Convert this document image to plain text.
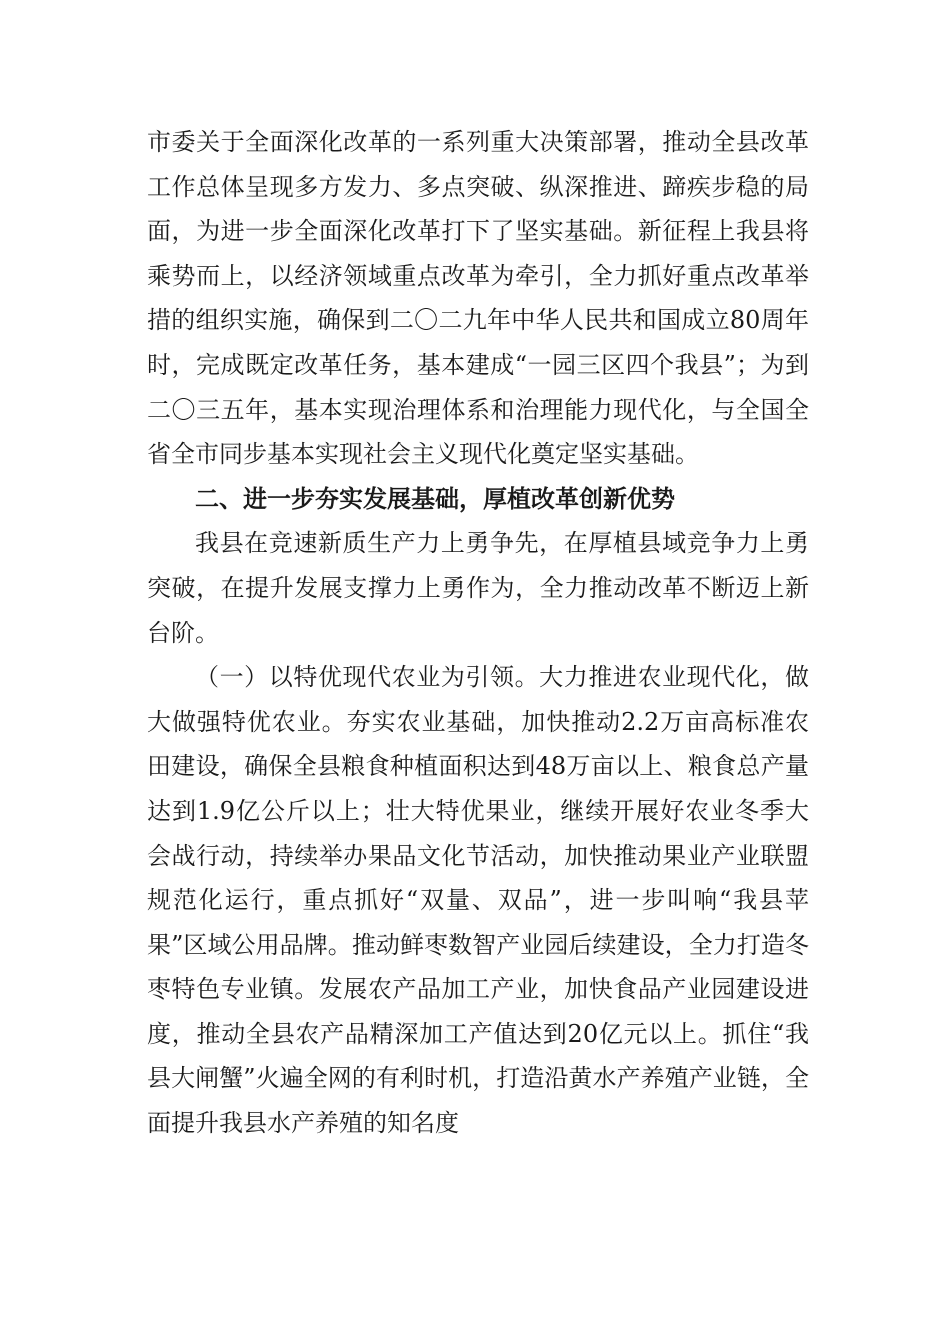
市委关于全面深化改革的一系列重大决策部署，推动全县改革工作总体呈现多方发力、多点突破、纵深推进、蹄疾步稳的局面，为进一步全面深化改革打下了坚实基础。新征程上我县将乘势而上，以经济领域重点改革为牵引，全力抓好重点改革举措的组织实施，确保到二〇二九年中华人民共和国成立80周年时，完成既定改革任务，基本建成“一园三区四个我县”；为到二〇三五年，基本实现治理体系和治理能力现代化，与全国全省全市同步基本实现社会主义现代化奠定坚实基础。

二、进一步夯实发展基础，厚植改革创新优势

我县在竞速新质生产力上勇争先，在厚植县域竞争力上勇突破，在提升发展支撑力上勇作为，全力推动改革不断迈上新台阶。

（一）以特优现代农业为引领。大力推进农业现代化，做大做强特优农业。夯实农业基础，加快推动2.2万亩高标准农田建设，确保全县粮食种植面积达到48万亩以上、粮食总产量达到1.9亿公斤以上；壮大特优果业，继续开展好农业冬季大会战行动，持续举办果品文化节活动，加快推动果业产业联盟规范化运行，重点抓好“双量、双品”，进一步叫响“我县苹果”区域公用品牌。推动鲜枣数智产业园后续建设，全力打造冬枣特色专业镇。发展农产品加工产业，加快食品产业园建设进度，推动全县农产品精深加工产值达到20亿元以上。抓住“我县大闸蟹”火遍全网的有利时机，打造沿黄水产养殖产业链，全面提升我县水产养殖的知名度
